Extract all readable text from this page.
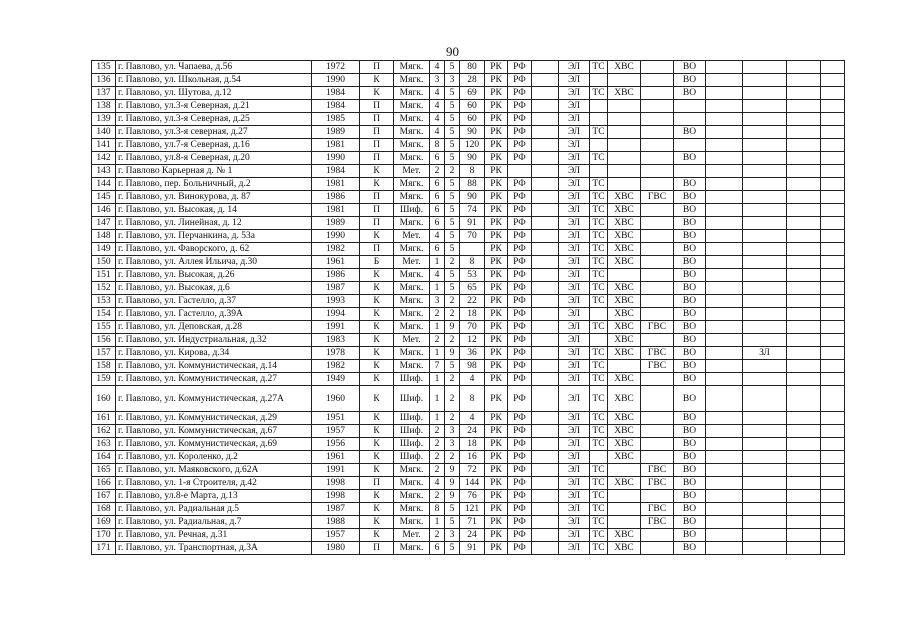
90
135	г. Павлово, ул. Чапаева, д.56	1972	П	Мягк.	4	5	80	РК	РФ		ЭЛ	ТС	ХВС		ВО				
136	г. Павлово, ул. Школьная, д.54	1990	К	Мягк.	3	3	28	РК	РФ		ЭЛ				ВО				
137	г. Павлово, ул. Шутова, д.12	1984	К	Мягк.	4	5	69	РК	РФ		ЭЛ	ТС	ХВС		ВО				
138	г. Павлово, ул.3-я Северная, д.21	1984	П	Мягк.	4	5	60	РК	РФ		ЭЛ								
139	г. Павлово, ул.3-я Северная, д.25	1985	П	Мягк.	4	5	60	РК	РФ		ЭЛ								
140	г. Павлово, ул.3-я северная, д.27	1989	П	Мягк.	4	5	90	РК	РФ		ЭЛ	ТС			ВО				
141	г. Павлово, ул.7-я Северная, д.16	1981	П	Мягк.	8	5	120	РК	РФ		ЭЛ								
142	г. Павлово, ул.8-я Северная, д.20	1990	П	Мягк.	6	5	90	РК	РФ		ЭЛ	ТС			ВО				
143	г. Павлово Карьерная д. № 1	1984	К	Мет.	2	2	8	РК			ЭЛ								
144	г. Павлово, пер. Больничный, д.2	1981	К	Мягк.	6	5	88	РК	РФ		ЭЛ	ТС			ВО				
145	г. Павлово, ул. Винокурова, д. 87	1986	П	Мягк.	6	5	90	РК	РФ		ЭЛ	ТС	ХВС	ГВС	ВО				
146	г. Павлово, ул. Высокая, д. 14	1981	П	Шиф.	6	5	74	РК	РФ		ЭЛ	ТС	ХВС		ВО				
147	г. Павлово, ул. Линейная, д. 12	1989	П	Мягк.	6	5	91	РК	РФ		ЭЛ	ТС	ХВС		ВО				
148	г. Павлово, ул. Перчанкина, д. 53а	1990	К	Мет.	4	5	70	РК	РФ		ЭЛ	ТС	ХВС		ВО				
149	г. Павлово, ул. Фаворского, д. 62	1982	П	Мягк.	6	5		РК	РФ		ЭЛ	ТС	ХВС		ВО				
150	г. Павлово, ул. Аллея Ильича, д.30	1961	Б	Мет.	1	2	8	РК	РФ		ЭЛ	ТС	ХВС		ВО				
151	г. Павлово, ул. Высокая, д.26	1986	К	Мягк.	4	5	53	РК	РФ		ЭЛ	ТС			ВО				
152	г. Павлово, ул. Высокая, д.6	1987	К	Мягк.	1	5	65	РК	РФ		ЭЛ	ТС	ХВС		ВО				
153	г. Павлово, ул. Гастелло, д.37	1993	К	Мягк.	3	2	22	РК	РФ		ЭЛ	ТС	ХВС		ВО				
154	г. Павлово, ул. Гастелло, д.39А	1994	К	Мягк.	2	2	18	РК	РФ		ЭЛ		ХВС		ВО				
155	г. Павлово, ул. Деповская, д.28	1991	К	Мягк.	1	9	70	РК	РФ		ЭЛ	ТС	ХВС	ГВС	ВО				
156	г. Павлово, ул. Индустриальная, д.32	1983	К	Мет.	2	2	12	РК	РФ		ЭЛ		ХВС		ВО				
157	г. Павлово, ул. Кирова, д.34	1978	К	Мягк.	1	9	36	РК	РФ		ЭЛ	ТС	ХВС	ГВС	ВО		ЗЛ		
158	г. Павлово, ул. Коммунистическая, д.14	1982	К	Мягк.	7	5	98	РК	РФ		ЭЛ	ТС		ГВС	ВО				
159	г. Павлово, ул. Коммунистическая, д.27	1949	К	Шиф.	1	2	4	РК	РФ		ЭЛ	ТС	ХВС		ВО				
160	г. Павлово, ул. Коммунистическая, д.27А	1960	К	Шиф.	1	2	8	РК	РФ		ЭЛ	ТС	ХВС		ВО				
161	г. Павлово, ул. Коммунистическая, д.29	1951	К	Шиф.	1	2	4	РК	РФ		ЭЛ	ТС	ХВС		ВО				
162	г. Павлово, ул. Коммунистическая, д.67	1957	К	Шиф.	2	3	24	РК	РФ		ЭЛ	ТС	ХВС		ВО				
163	г. Павлово, ул. Коммунистическая, д.69	1956	К	Шиф.	2	3	18	РК	РФ		ЭЛ	ТС	ХВС		ВО				
164	г. Павлово, ул. Короленко, д.2	1961	К	Шиф.	2	2	16	РК	РФ		ЭЛ		ХВС		ВО				
165	г. Павлово, ул. Маяковского, д.62А	1991	К	Мягк.	2	9	72	РК	РФ		ЭЛ	ТС		ГВС	ВО				
166	г. Павлово, ул. 1-я Строителя, д.42	1998	П	Мягк.	4	9	144	РК	РФ		ЭЛ	ТС	ХВС	ГВС	ВО				
167	г. Павлово, ул.8-е Марта, д.13	1998	К	Мягк.	2	9	76	РК	РФ		ЭЛ	ТС			ВО				
168	г. Павлово, ул. Радиальная д.5	1987	К	Мягк.	8	5	121	РК	РФ		ЭЛ	ТС		ГВС	ВО				
169	г. Павлово, ул. Радиальная, д.7	1988	К	Мягк.	1	5	71	РК	РФ		ЭЛ	ТС		ГВС	ВО				
170	г. Павлово, ул. Речная, д.31	1957	К	Мет.	2	3	24	РК	РФ		ЭЛ	ТС	ХВС		ВО				
171	г. Павлово, ул. Транспортная, д.3А	1980	П	Мягк.	6	5	91	РК	РФ		ЭЛ	ТС	ХВС		ВО				
